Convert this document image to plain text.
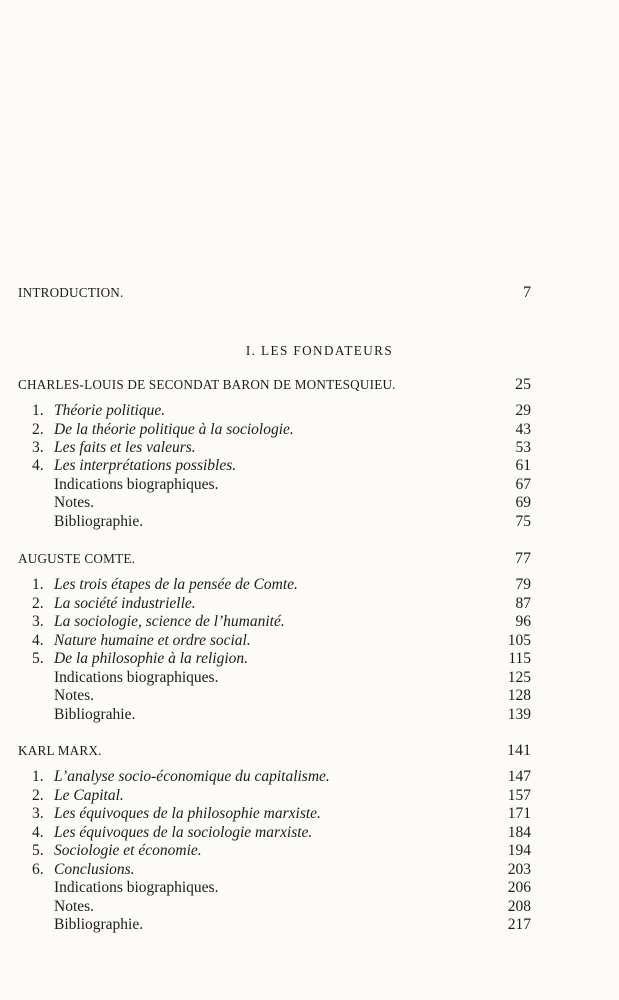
INTRODUCTION.	7
I. LES FONDATEURS
CHARLES-LOUIS DE SECONDAT BARON DE MONTESQUIEU.	25
1. Théorie politique.	29
2. De la théorie politique à la sociologie.	43
3. Les faits et les valeurs.	53
4. Les interprétations possibles.	61
Indications biographiques.	67
Notes.	69
Bibliographie.	75
AUGUSTE COMTE.	77
1. Les trois étapes de la pensée de Comte.	79
2. La société industrielle.	87
3. La sociologie, science de l’humanité.	96
4. Nature humaine et ordre social.	105
5. De la philosophie à la religion.	115
Indications biographiques.	125
Notes.	128
Bibliograhie.	139
KARL MARX.	141
1. L’analyse socio-économique du capitalisme.	147
2. Le Capital.	157
3. Les équivoques de la philosophie marxiste.	171
4. Les équivoques de la sociologie marxiste.	184
5. Sociologie et économie.	194
6. Conclusions.	203
Indications biographiques.	206
Notes.	208
Bibliographie.	217
